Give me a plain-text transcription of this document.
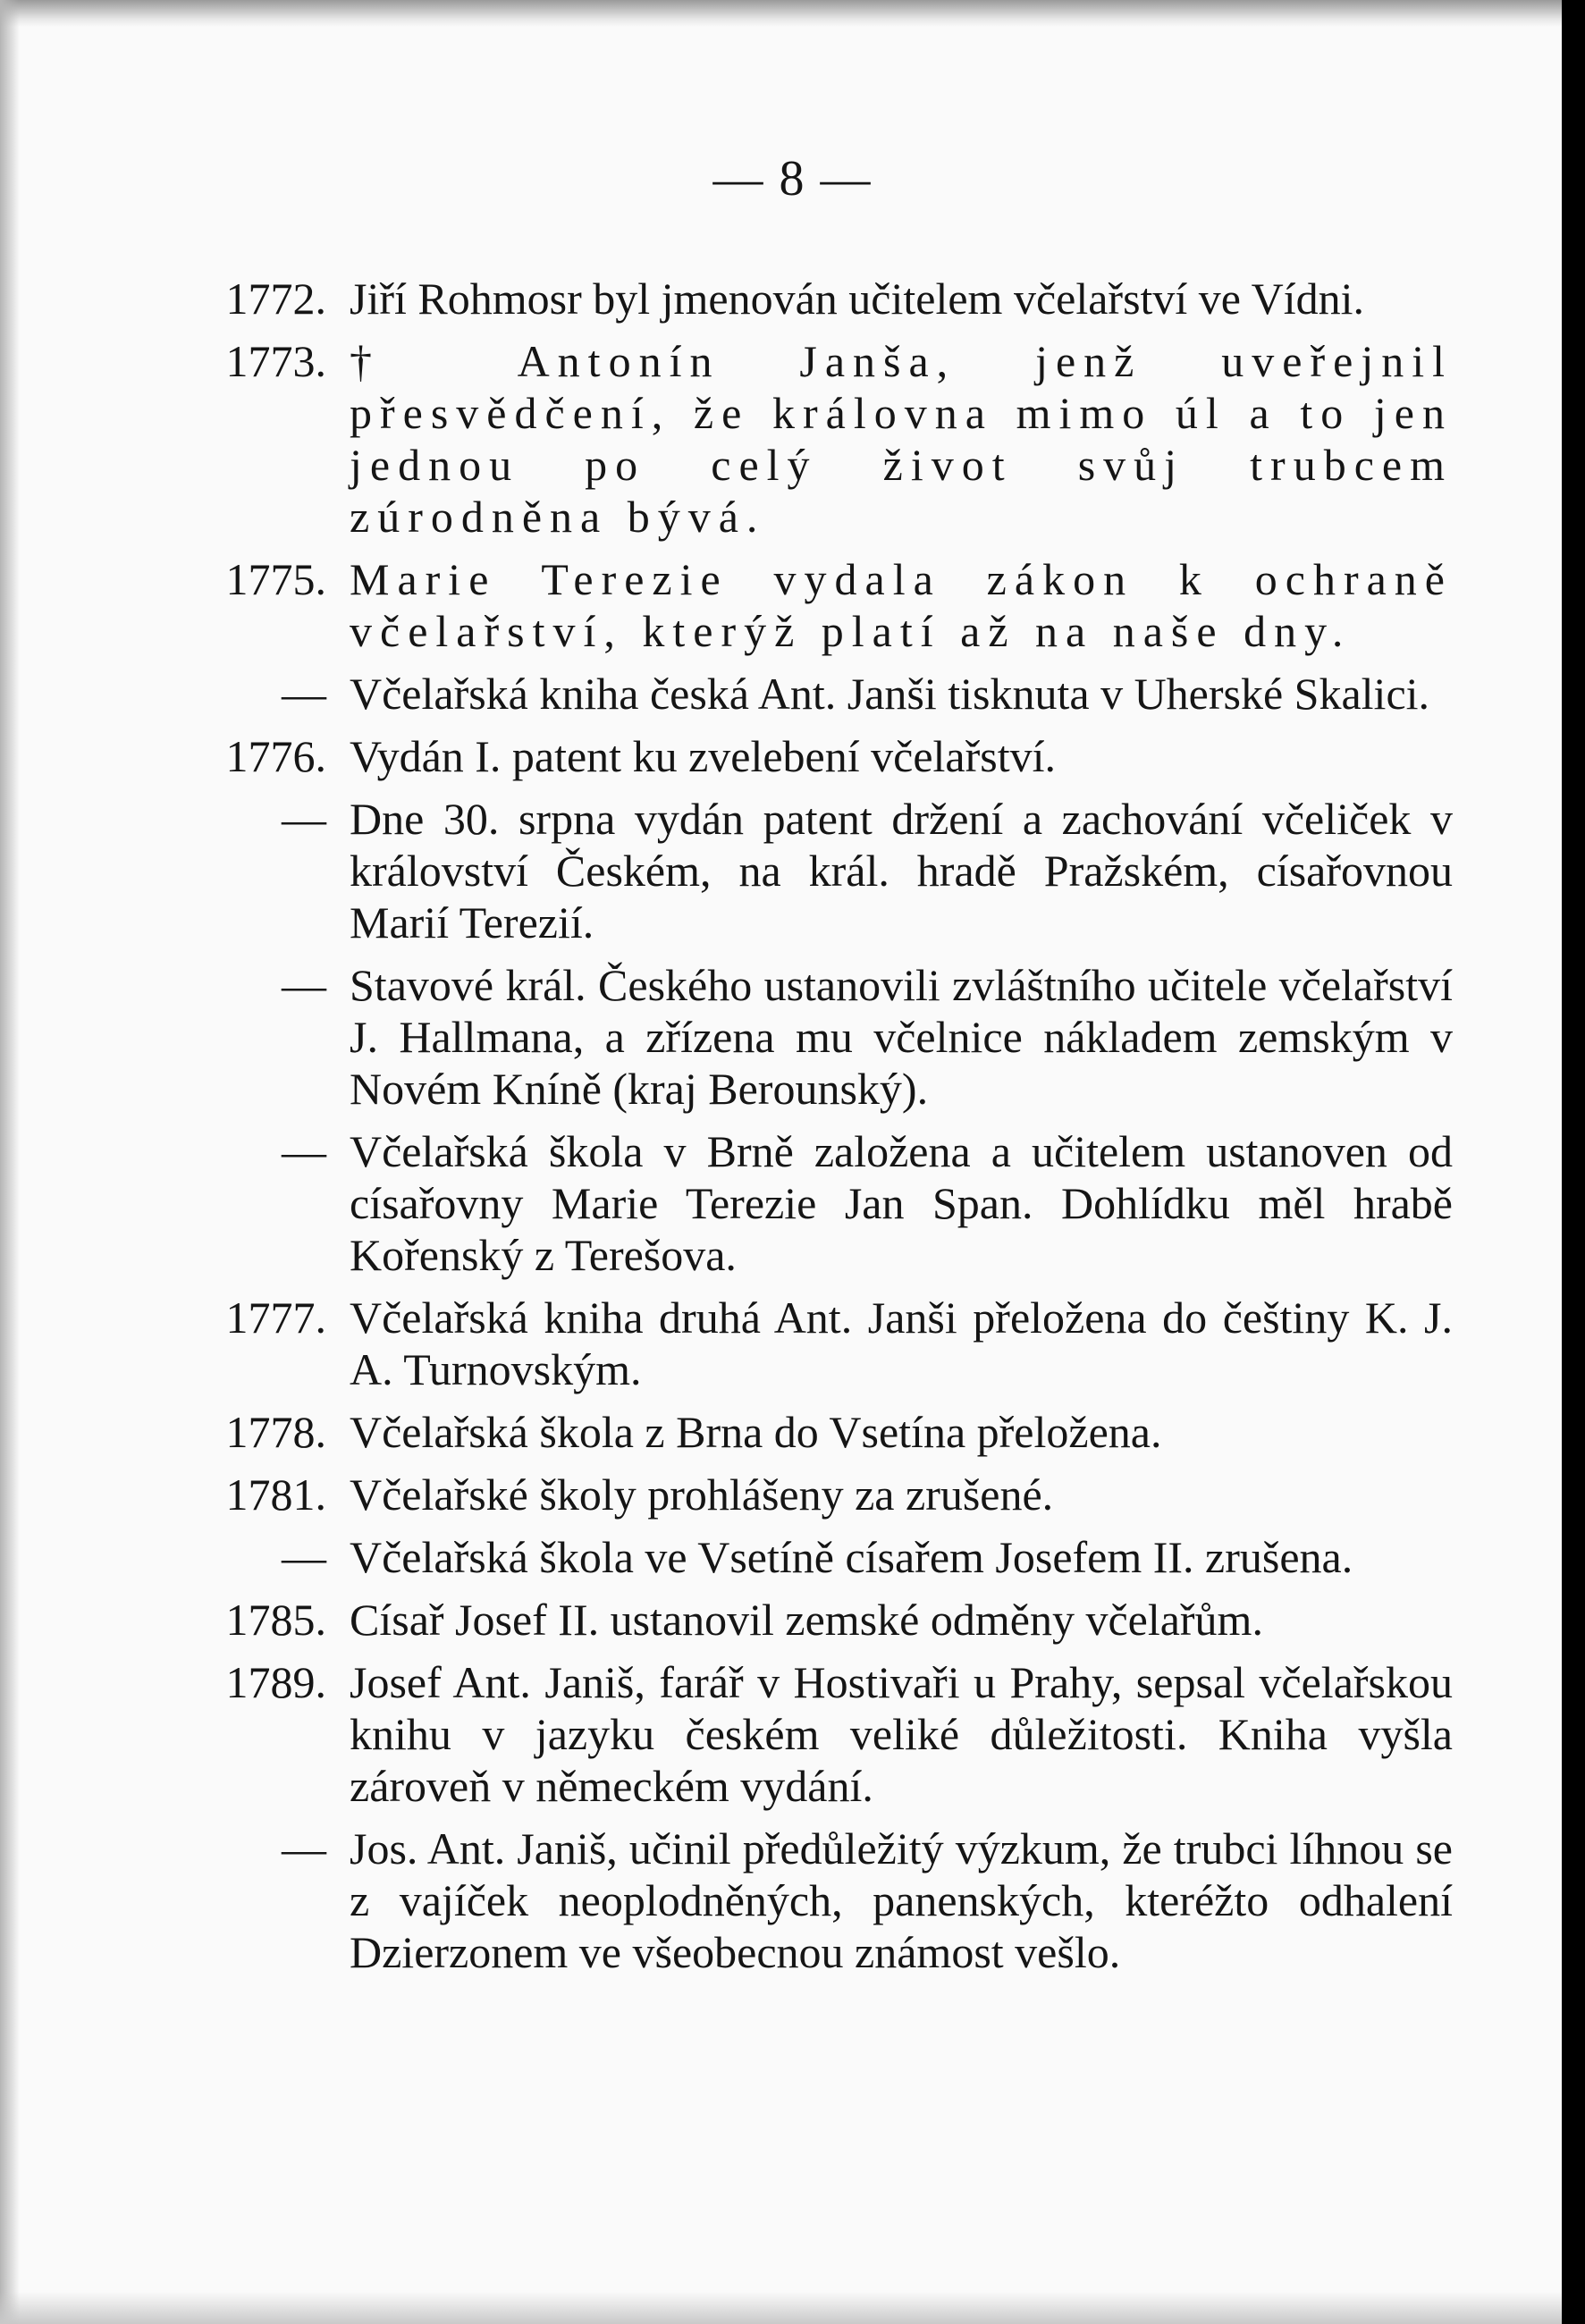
— 8 —
1772. Jiří Rohmosr byl jmenován učitelem včelařství ve Vídni.
1773. † Antonín Janša, jenž uveřejnil přesvědčení, že královna mimo úl a to jen jednou po celý život svůj trubcem zúrodněna bývá.
1775. Marie Terezie vydala zákon k ochraně včelařství, kterýž platí až na naše dny.
— Včelařská kniha česká Ant. Janši tisknuta v Uherské Skalici.
1776. Vydán I. patent ku zvelebení včelařství.
— Dne 30. srpna vydán patent držení a zachování včeliček v království Českém, na král. hradě Pražském, císařovnou Marií Terezií.
— Stavové král. Českého ustanovili zvláštního učitele včelařství J. Hallmana, a zřízena mu včelnice nákladem zemským v Novém Kníně (kraj Berounský).
— Včelařská škola v Brně založena a učitelem ustanoven od císařovny Marie Terezie Jan Span. Dohlídku měl hrabě Kořenský z Terešova.
1777. Včelařská kniha druhá Ant. Janši přeložena do češtiny K. J. A. Turnovským.
1778. Včelařská škola z Brna do Vsetína přeložena.
1781. Včelařské školy prohlášeny za zrušené.
— Včelařská škola ve Vsetíně císařem Josefem II. zrušena.
1785. Císař Josef II. ustanovil zemské odměny včelařům.
1789. Josef Ant. Janiš, farář v Hostivaři u Prahy, sepsal včelařskou knihu v jazyku českém veliké důležitosti. Kniha vyšla zároveň v německém vydání.
— Jos. Ant. Janiš, učinil předůležitý výzkum, že trubci líhnou se z vajíček neoplodněných, panenských, kteréžto odhalení Dzierzonem ve všeobecnou známost vešlo.
